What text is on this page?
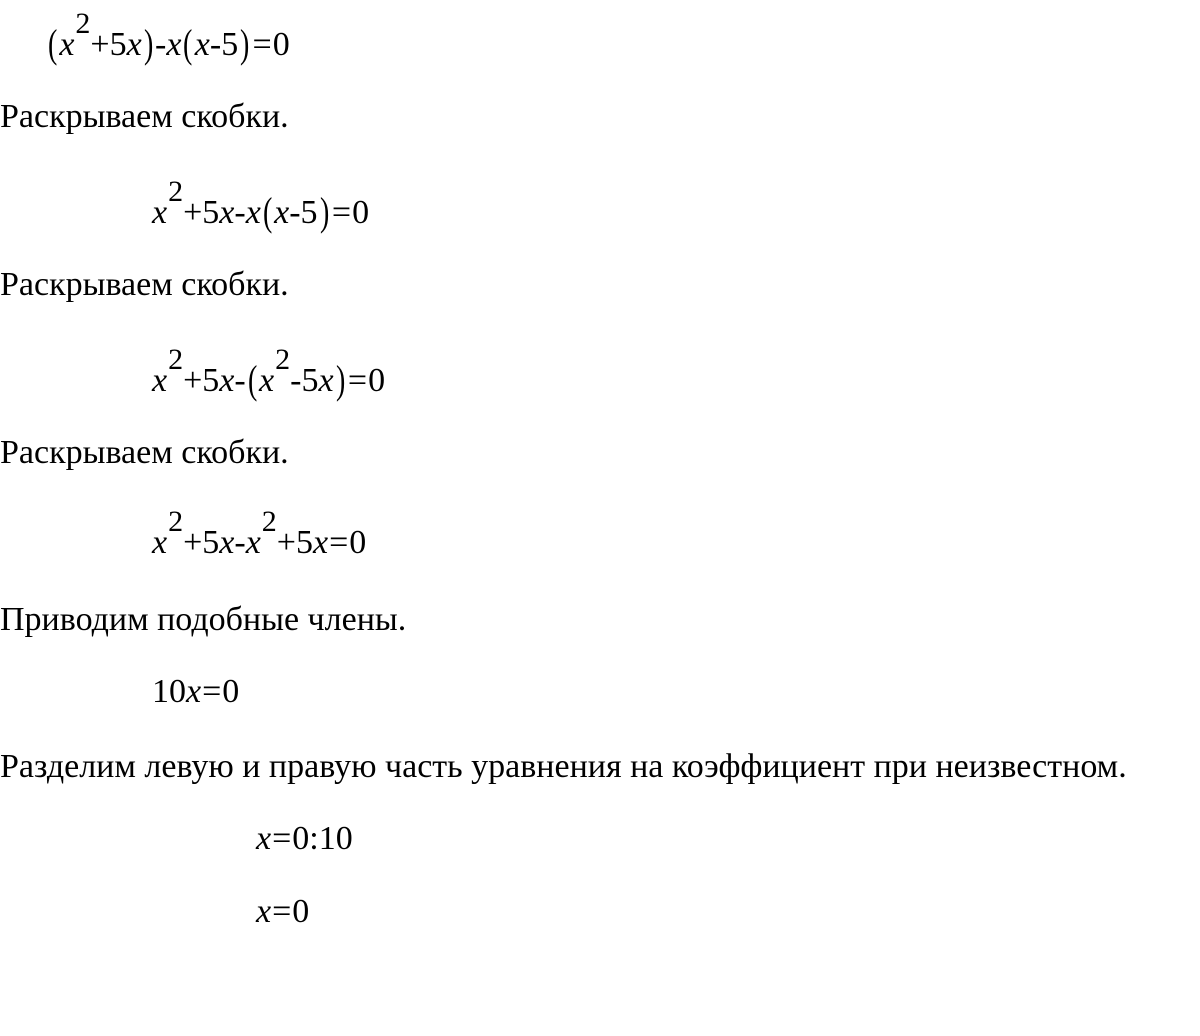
(x2+5x)-x(x-5)=0
Раскрываем скобки.
x2+5x-x(x-5)=0
Раскрываем скобки.
x2+5x-(x2-5x)=0
Раскрываем скобки.
x2+5x-x2+5x=0
Приводим подобные члены.
10x=0
Разделим левую и правую часть уравнения на коэффициент при неизвестном.
x=0:10
x=0
